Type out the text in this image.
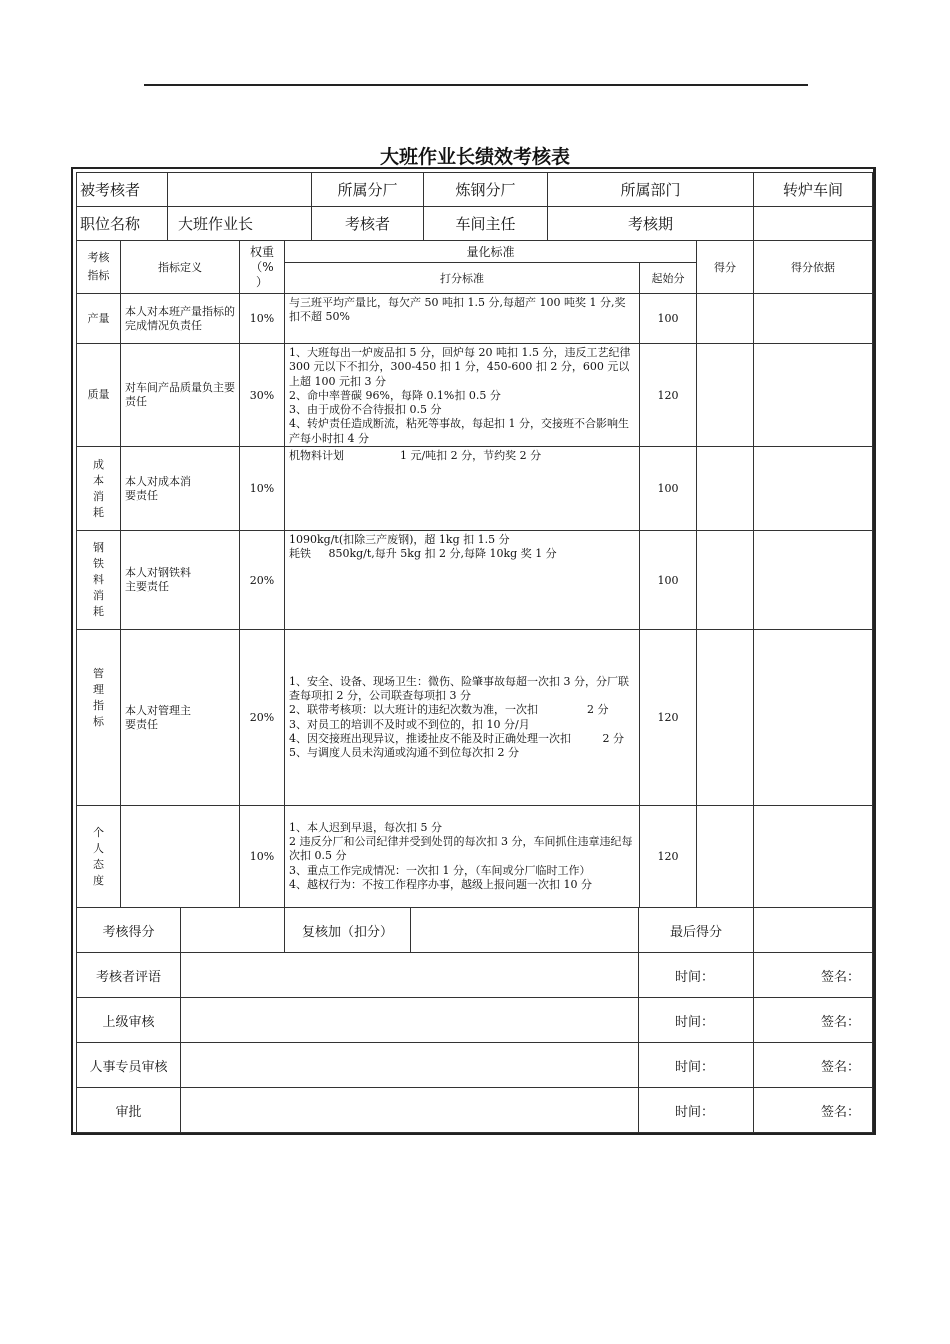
大班作业长绩效考核表
被考核者		所属分厂	炼钢分厂	所属部门	转炉车间
职位名称	大班作业长	考核者	车间主任	考核期	
考核
指标	指标定义	权重
（%
）	量化标准		得分	得分依据
			打分标准	起始分		
产量	本人对本班产量指标的完成情况负责任	10%	与三班平均产量比，每欠产 50 吨扣 1.5 分,每超产 100 吨奖 1 分,奖扣不超 50%	100		
质量	对车间产品质量负主要责任	30%	1、大班每出一炉废品扣 5 分，回炉每 20 吨扣 1.5 分，违反工艺纪律 300 元以下不扣分，300-450 扣 1 分，450-600 扣 2 分，600 元以上超 100 元扣 3 分
2、命中率普碳 96%，每降 0.1%扣 0.5 分
3、由于成份不合待报扣 0.5 分
4、转炉责任造成断流，粘死等事故，每起扣 1 分，交接班不合影响生产每小时扣 4 分	120		
成
本
消
耗	本人对成本消
要责任	10%	机物料计划                1 元/吨扣 2 分，节约奖 2 分	100		
钢
铁
料
消
耗	本人对钢铁料
主要责任	20%	1090kg/t(扣除三产废钢)，超 1kg 扣 1.5 分
耗铁     850kg/t,每升 5kg 扣 2 分,每降 10kg 奖 1 分	100		
管
理
指
标	本人对管理主
要责任	20%	1、安全、设备、现场卫生：微伤、险肇事故每超一次扣 3 分，分厂联查每项扣 2 分，公司联查每项扣 3 分
2、联带考核项：以大班计的违纪次数为准，一次扣              2 分
3、对员工的培训不及时或不到位的，扣 10 分/月
4、因交接班出现异议，推诿扯皮不能及时正确处理一次扣         2 分
5、与调度人员未沟通或沟通不到位每次扣 2 分	120		
个
人
态
度		10%	1、本人迟到早退，每次扣 5 分
2 违反分厂和公司纪律并受到处罚的每次扣 3 分，车间抓住违章违纪每次扣 0.5 分
3、重点工作完成情况：一次扣 1 分，（车间或分厂临时工作）
4、越权行为：不按工作程序办事，越级上报问题一次扣 10 分	120		
考核得分		复核加（扣分）		最后得分	
考核者评语				时间：	签名：
上级审核				时间：	签名：
人事专员审核				时间：	签名：
审批				时间：	签名：
